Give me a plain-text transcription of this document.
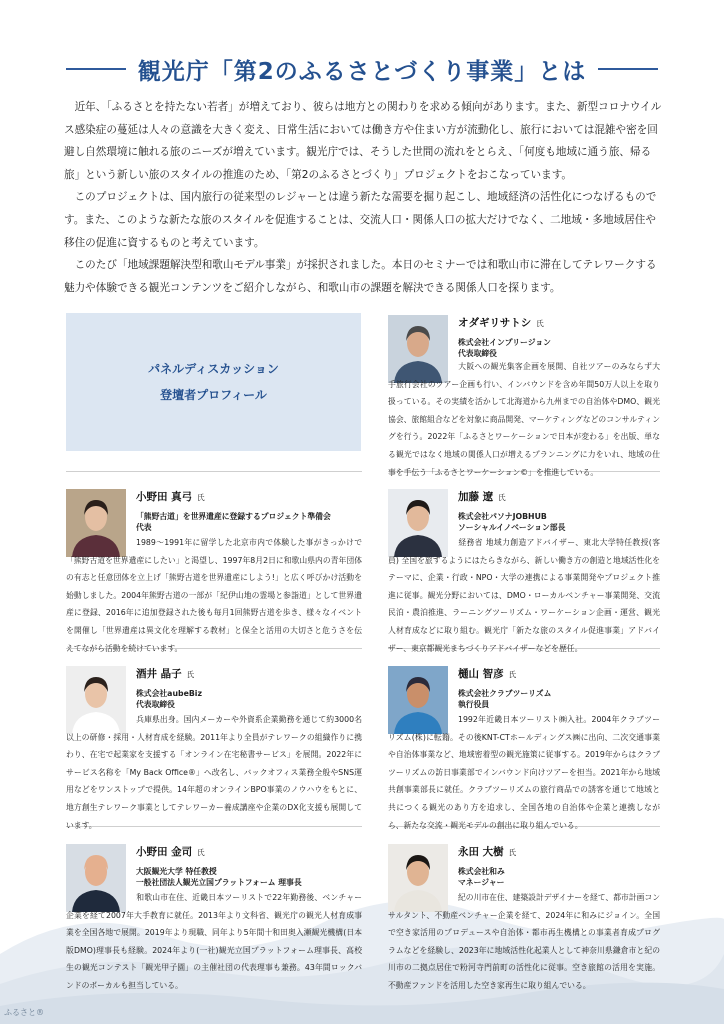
観光庁「第2のふるさとづくり事業」とは

近年、「ふるさとを持たない若者」が増えており、彼らは地方との関わりを求める傾向があります。また、新型コロナウイルス感染症の蔓延は人々の意識を大きく変え、日常生活においては働き方や住まい方が流動化し、旅行においては混雑や密を回避し自然環境に触れる旅のニーズが増えています。観光庁では、そうした世間の流れをとらえ、「何度も地域に通う旅、帰る旅」という新しい旅のスタイルの推進のため、「第2のふるさとづくり」プロジェクトをおこなっています。

このプロジェクトは、国内旅行の従来型のレジャーとは違う新たな需要を掘り起こし、地域経済の活性化につなげるものです。また、このような新たな旅のスタイルを促進することは、交流人口・関係人口の拡大だけでなく、二地域・多地域居住や移住の促進に資するものと考えています。

このたび「地域課題解決型和歌山モデル事業」が採択されました。本日のセミナーでは和歌山市に滞在してテレワークする魅力や体験できる観光コンテンツをご紹介しながら、和歌山市の課題を解決できる関係人口を探ります。

パネルディスカッション
登壇者プロフィール
オダギリサトシ 氏
株式会社インプリージョン
代表取締役
大阪への観光集客企画を展開、自社ツアーのみならず大手旅行会社のツアー企画も行い、インバウンドを含め年間50万人以上を取り扱っている。その実績を活かして北海道から九州までの自治体やDMO、観光協会、旅館組合などを対象に商品開発、マーケティングなどのコンサルティングを行う。2022年「ふるさとワーケーションで日本が変わる」を出版、単なる観光ではなく地域の関係人口が増えるプランニングに力をいれ、地域の仕事を手伝う「ふるさとワーケーション©」を推進している。
小野田 真弓 氏
「熊野古道」を世界遺産に登録するプロジェクト準備会
代表
1989～1991年に留学した北京市内で体験した事がきっかけで「熊野古道を世界遺産にしたい」と渇望し、1997年8月2日に和歌山県内の青年団体の有志と任意団体を立上げ「熊野古道を世界遺産にしよう!」と広く呼びかけ活動を始動しました。2004年熊野古道の一部が「紀伊山地の霊場と参詣道」として世界遺産に登録、2016年に追加登録された後も毎月1回熊野古道を歩き、様々なイベントを開催し「世界遺産は異文化を理解する教材」と保全と活用の大切さと危うさを伝えてながら活動を続けています。
加藤 遼 氏
株式会社パソナJOBHUB
ソーシャルイノベーション部長
経務省 地域力創造アドバイザー、東北大学特任教授(客員) 全国を旅するようにはたらきながら、新しい働き方の創造と地域活性化をテーマに、企業・行政・NPO・大学の連携による事業開発やプロジェクト推進に従事。観光分野においては、DMO・ローカルベンチャー事業開発、交流民泊・農泊推進、ラーニングツーリズム・ワーケーション企画・運営、観光人材育成などに取り組む。観光庁「新たな旅のスタイル促進事業」アドバイザー、東京都観光まちづくりアドバイザーなどを歴任。
酒井 晶子 氏
株式会社aubeBiz
代表取締役
兵庫県出身。国内メーカーや外資系企業勤務を通じて約3000名以上の研修・採用・人材育成を経験。2011年より全員がテレワークの組織作りに携わり、在宅で起業家を支援する「オンライン在宅秘書サービス」を展開。2022年にサービス名称を「My Back Office®」へ改名し、バックオフィス業務全般やSNS運用などをワンストップで提供。14年超のオンラインBPO事業のノウハウをもとに、地方創生テレワーク事業としてテレワーカー養成講座や企業のDX化支援も展開しています。
樋山 智彦 氏
株式会社クラブツーリズム
執行役員
1992年近畿日本ツーリスト㈱入社。2004年クラブツーリズム(株)に転籍。その後KNT-CTホールディングス㈱に出向、二次交通事業や自治体事業など、地域密着型の観光施策に従事する。2019年からはクラブツーリズムの訪日事業部でインバウンド向けツアーを担当。2021年から地域共創事業部長に就任。クラブツーリズムの旅行商品での誘客を通じて地域と共につくる観光のあり方を追求し、全国各地の自治体や企業と連携しながら、新たな交流・観光モデルの創出に取り組んでいる。
小野田 金司 氏
大阪観光大学 特任教授
一般社団法人観光立国プラットフォーム 理事長
和歌山市在住、近畿日本ツーリストで22年勤務後、ベンチャー企業を経て2007年大手教育に就任。2013年より文科省、観光庁の観光人材育成事業を全国各地で展開。2019年より現職、同年より5年間十和田奥入瀬観光機構(日本版DMO)理事長も経験。2024年より(一社)観光立国プラットフォーム理事長、高校生の観光コンテスト「観光甲子園」の主催社団の代表理事も兼務。43年間ロックバンドのボーカルも担当している。
永田 大樹 氏
株式会社和み
マネージャー
紀の川市在住、建築設計デザイナーを経て、都市計画コンサルタント、不動産ベンチャー企業を経て、2024年に和みにジョイン。全国で空き家活用のプロデュースや自治体・都市再生機構との事業者育成プログラムなどを経験し、2023年に地域活性化起業人として神奈川県鎌倉市と紀の川市の二拠点居住で粉河寺門前町の活性化に従事。空き旅館の活用を実施。不動産ファンドを活用した空き家再生に取り組んでいる。
ふるさと®
